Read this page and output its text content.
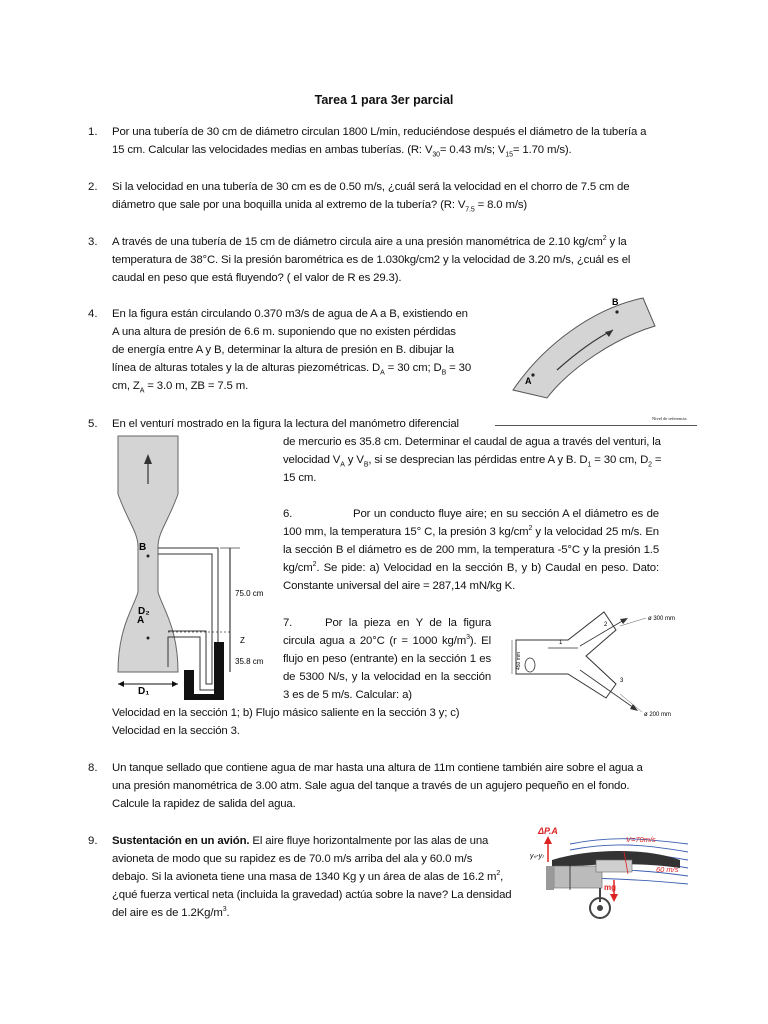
Tarea 1 para 3er parcial
1. Por una tubería de 30 cm de diámetro circulan 1800 L/min, reduciéndose después el diámetro de la tubería a
15 cm. Calcular las velocidades medias en ambas tuberías. (R: $V_{30}= 0.43$ m/s; $V_{15}= 1.70$ m/s).
2. Si la velocidad en una tubería de 30 cm es de 0.50 m/s, ¿cuál será la velocidad en el chorro de 7.5 cm de
diámetro que sale por una boquilla unida al extremo de la tubería? (R: $V_{7.5} = 8.0$ m/s)
3. A través de una tubería de 15 cm de diámetro circula aire a una presión manométrica de 2.10 $kg/cm^2$ y la
temperatura de 38°C. Si la presión barométrica es de 1.030kg/cm2 y la velocidad de 3.20 m/s, ¿cuál es el
caudal en peso que está fluyendo? ( el valor de R es 29.3).
4. En la figura están circulando 0.370 m3/s de agua de A a B, existiendo en
A una altura de presión de 6.6 m. suponiendo que no existen pérdidas
de energía entre A y B, determinar la altura de presión en B. dibujar la
línea de alturas totales y la de alturas piezométricas. $D_A = 30$ cm; $D_B = 30$
cm, $Z_A = 3.0$ m, ZB = 7.5 m.	A
B
Nivel de referencia
5. En el venturí mostrado en la figura la lectura del manómetro diferencial
de mercurio es 35.8 cm. Determinar el caudal de agua a través del venturi, la
velocidad $V_A$ y $V_B$, si se desprecian las pérdidas entre A y B. $D_1 = 30$ cm, $D_2$ =
15 cm.
B
A
D₂
D₁
75.0 cm
Z
35.8 cm
6.	Por un conducto fluye aire; en su sección A el diámetro es de 100 mm, la temperatura 15° C, la presión 3 $kg/cm^2$ y la velocidad 25 m/s. En la sección B el diámetro es de 200 mm, la temperatura -5°C y la presión 1.5 $kg/cm^2$. Se pide: a) Velocidad en la sección B, y b) Caudal en peso. Dato: Constante universal del aire = 287,14 mN/kg K.
7.	Por la pieza en Y de la figura circula agua a 20°C (r = 1000 $kg/m^3$). El flujo en peso (entrante) en la sección 1 es de 5300 N/s, y la velocidad en la sección 3 es de 5 m/s. Calcular: a)
Velocidad en la sección 1; b) Flujo másico saliente en la sección 3 y; c)
Velocidad en la sección 3.
450 mm
1
2
3
ø 300 mm
ø 200 mm
8. Un tanque sellado que contiene agua de mar hasta una altura de 11m contiene también aire sobre el agua a
una presión manométrica de 3.00 atm. Sale agua del tanque a través de un agujero pequeño en el fondo.
Calcule la rapidez de salida del agua.
9. Sustentación en un avión. El aire fluye horizontalmente por las alas de una
avioneta de modo que su rapidez es de 70.0 m/s arriba del ala y 60.0 m/s
debajo. Si la avioneta tiene una masa de 1340 Kg y un área de alas de 16.2 $m^2$,
¿qué fuerza vertical neta (incluida la gravedad) actúa sobre la nave? La densidad
del aire es de $1.2Kg/m^3$.
ΔP.A
V=70m/s
60 m/s
yₙ-yₗ
mg
